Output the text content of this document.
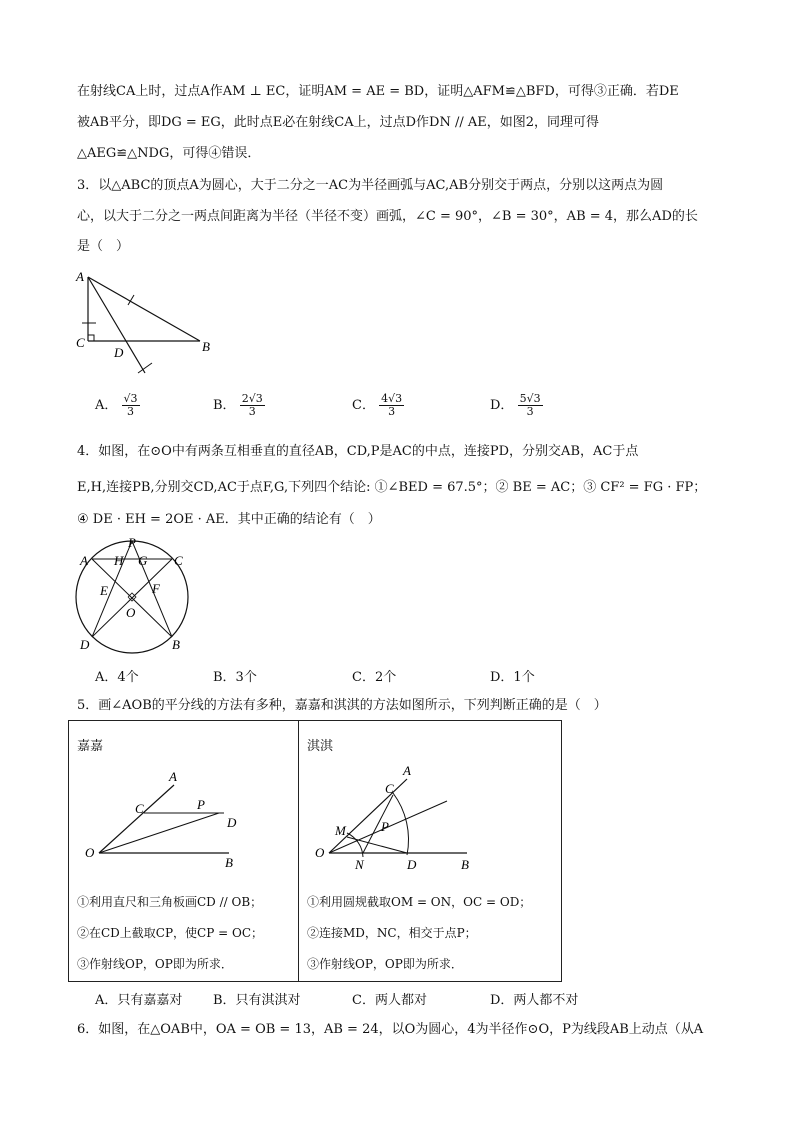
在射线CA上时，过点A作AM ⊥ EC，证明AM = AE = BD，证明△AFM≌△BFD，可得③正确．若DE
被AB平分，即DG = EG，此时点E必在射线CA上，过点D作DN // AE，如图2，同理可得
△AEG≌△NDG，可得④错误．
3．以△ABC的顶点A为圆心，大于二分之一AC为半径画弧与AC,AB分别交于两点，分别以这两点为圆
心，以大于二分之一两点间距离为半径（半径不变）画弧，∠C = 90°，∠B = 30°，AB = 4，那么AD的长
是（　）
A
B
C
D
A． $\frac{√3}{3}$	B． $\frac{2√3}{3}$	C． $\frac{4√3}{3}$	D． $\frac{5√3}{3}$
4．如图，在⊙O中有两条互相垂直的直径AB，CD,P是AC的中点，连接PD，分别交AB，AC于点
E,H,连接PB,分别交CD,AC于点F,G,下列四个结论: ①∠BED = 67.5°；② BE = AC；③ CF² = FG · FP；
④ DE · EH = 2OE · AE．其中正确的结论有（　）
P
A H G C
E	F
O
D	B
A．4个	B．3个	C．2个	D．1个
5．画∠AOB的平分线的方法有多种，嘉嘉和淇淇的方法如图所示，下列判断正确的是（　）
嘉嘉
A
C	P
D
O
B
①利用直尺和三角板画CD // OB；
②在CD上截取CP，使CP = OC；
③作射线OP，OP即为所求．
淇淇
A
C
M	P
O
N	D	B
①利用圆规截取OM = ON，OC = OD；
②连接MD，NC，相交于点P；
③作射线OP，OP即为所求．
A．只有嘉嘉对 B．只有淇淇对	C．两人都对	D．两人都不对
6．如图，在△OAB中，OA = OB = 13，AB = 24，以O为圆心，4为半径作⊙O，P为线段AB上动点（从A
